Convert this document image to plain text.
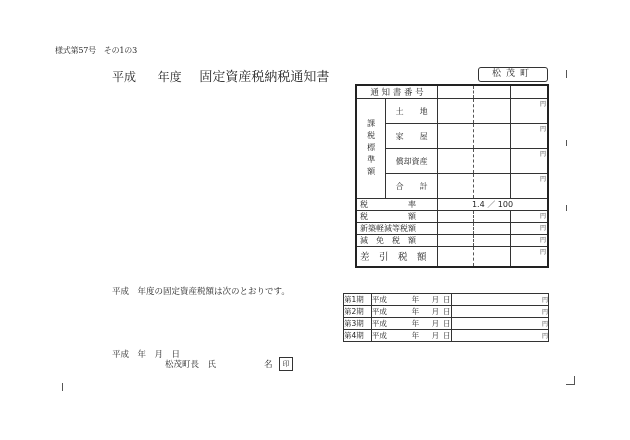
様式第57号　その1の3
平成 年度 固定資産税納税通知書	松茂町
通 知 書 番 号				
課税標準額	土　　地			円
	家　　屋			円
	償却資産			円
	合　　計			円
税　　　　　率		1.4 ／ 100		
税　　　　　額				円
新築軽減等税額				円
減　免　税　額				円
差　引　税　額				円
平成　年度の固定資産税額は次のとおりです。
第1期	平成	年	月	日	円
第2期	平成	年	月	日	円
第3期	平成	年	月	日	円
第4期	平成	年	月	日	円
平成　年　月　日
松茂町長　氏	名	印
